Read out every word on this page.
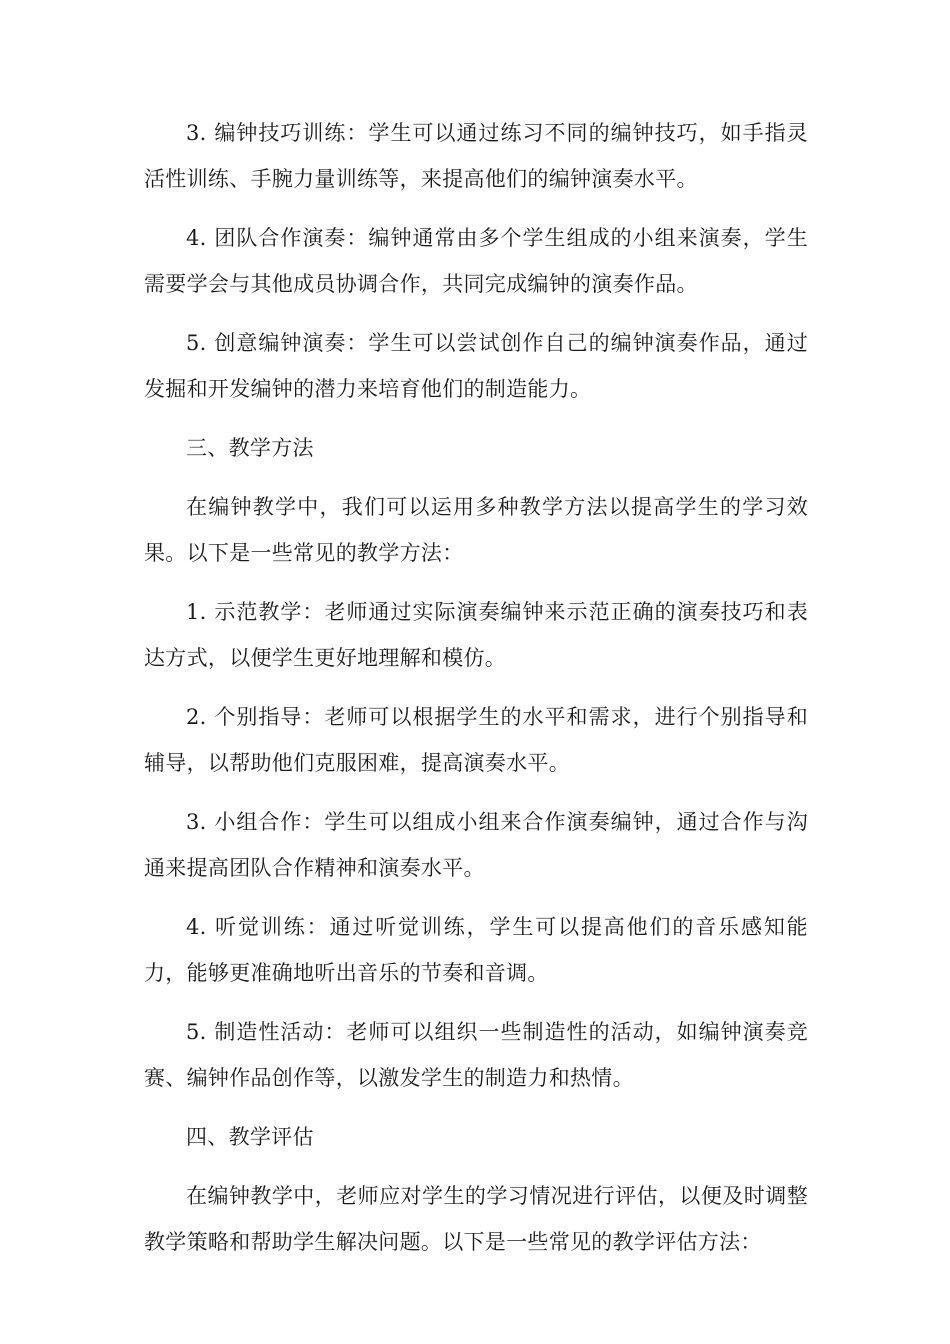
3. 编钟技巧训练：学生可以通过练习不同的编钟技巧，如手指灵活性训练、手腕力量训练等，来提高他们的编钟演奏水平。

4. 团队合作演奏：编钟通常由多个学生组成的小组来演奏，学生需要学会与其他成员协调合作，共同完成编钟的演奏作品。

5. 创意编钟演奏：学生可以尝试创作自己的编钟演奏作品，通过发掘和开发编钟的潜力来培育他们的制造能力。

三、教学方法

在编钟教学中，我们可以运用多种教学方法以提高学生的学习效果。以下是一些常见的教学方法：

1. 示范教学：老师通过实际演奏编钟来示范正确的演奏技巧和表达方式，以便学生更好地理解和模仿。

2. 个别指导：老师可以根据学生的水平和需求，进行个别指导和辅导，以帮助他们克服困难，提高演奏水平。

3. 小组合作：学生可以组成小组来合作演奏编钟，通过合作与沟通来提高团队合作精神和演奏水平。

4. 听觉训练：通过听觉训练，学生可以提高他们的音乐感知能力，能够更准确地听出音乐的节奏和音调。

5. 制造性活动：老师可以组织一些制造性的活动，如编钟演奏竞赛、编钟作品创作等，以激发学生的制造力和热情。

四、教学评估

在编钟教学中，老师应对学生的学习情况进行评估，以便及时调整教学策略和帮助学生解决问题。以下是一些常见的教学评估方法：
